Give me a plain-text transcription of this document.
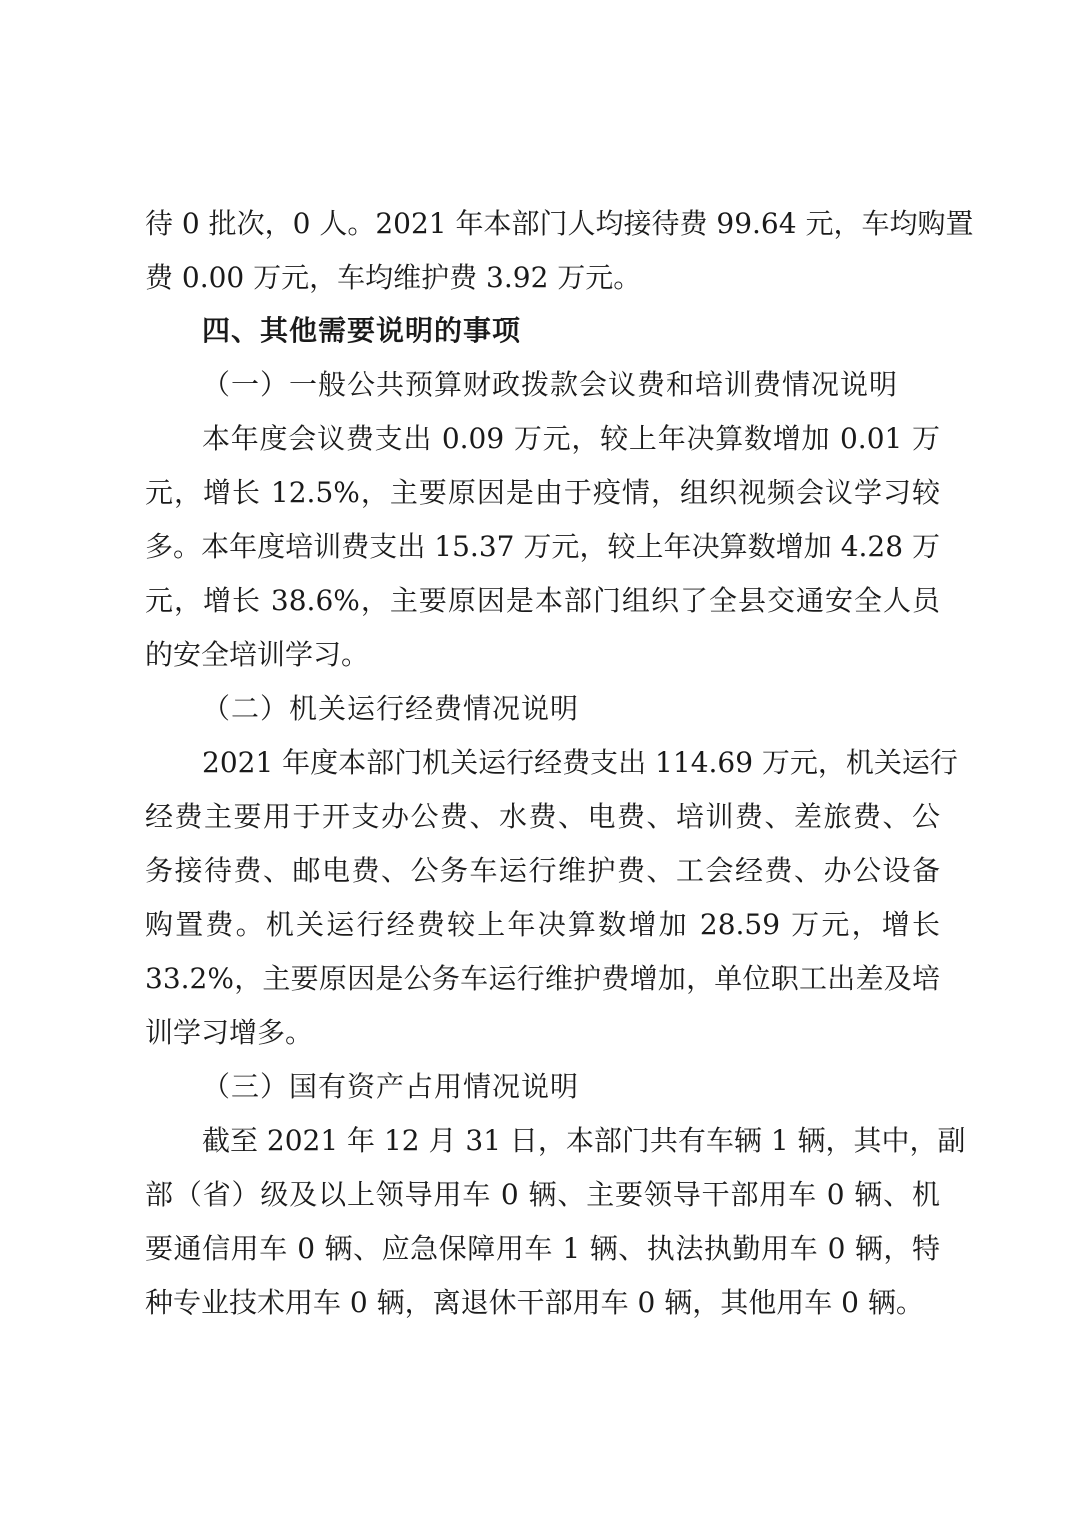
待 0 批次，0 人。2021 年本部门人均接待费 99.64 元，车均购置
费 0.00 万元，车均维护费 3.92 万元。
四、其他需要说明的事项
（一）一般公共预算财政拨款会议费和培训费情况说明
本年度会议费支出 0.09 万元，较上年决算数增加 0.01 万
元，增长 12.5%，主要原因是由于疫情，组织视频会议学习较
多。本年度培训费支出 15.37 万元，较上年决算数增加 4.28 万
元，增长 38.6%，主要原因是本部门组织了全县交通安全人员
的安全培训学习。
（二）机关运行经费情况说明
2021 年度本部门机关运行经费支出 114.69 万元，机关运行
经费主要用于开支办公费、水费、电费、培训费、差旅费、公
务接待费、邮电费、公务车运行维护费、工会经费、办公设备
购置费。机关运行经费较上年决算数增加 28.59 万元，增长
33.2%，主要原因是公务车运行维护费增加，单位职工出差及培
训学习增多。
（三）国有资产占用情况说明
截至 2021 年 12 月 31 日，本部门共有车辆 1 辆，其中，副
部（省）级及以上领导用车 0 辆、主要领导干部用车 0 辆、机
要通信用车 0 辆、应急保障用车 1 辆、执法执勤用车 0 辆，特
种专业技术用车 0 辆，离退休干部用车 0 辆，其他用车 0 辆。
